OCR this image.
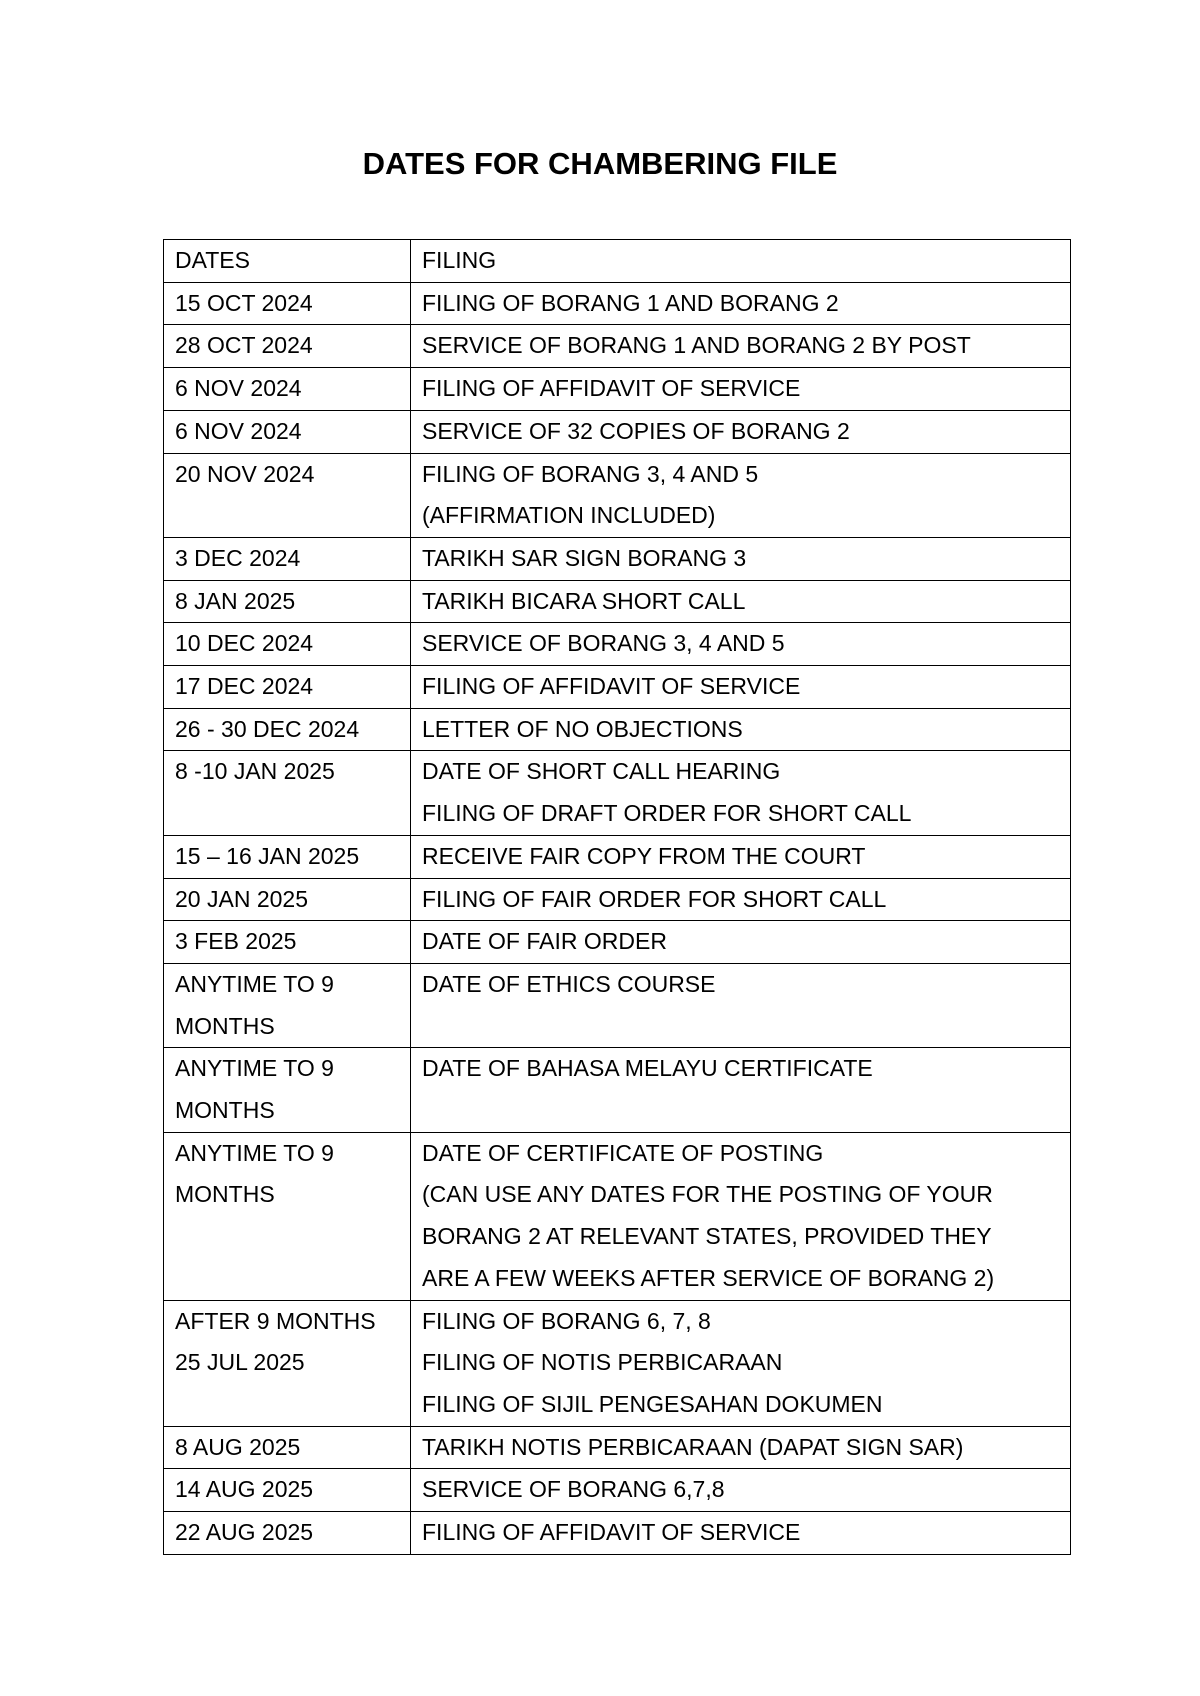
DATES FOR CHAMBERING FILE
DATES	FILING

15 OCT 2024	FILING OF BORANG 1 AND BORANG 2

28 OCT 2024	SERVICE OF BORANG 1 AND BORANG 2 BY POST

6 NOV 2024	FILING OF AFFIDAVIT OF SERVICE

6 NOV 2024	SERVICE OF 32 COPIES OF BORANG 2

20 NOV 2024	FILING OF BORANG 3, 4 AND 5
(AFFIRMATION INCLUDED)

3 DEC 2024	TARIKH SAR SIGN BORANG 3

8 JAN 2025	TARIKH BICARA SHORT CALL

10 DEC 2024	SERVICE OF BORANG 3, 4 AND 5

17 DEC 2024	FILING OF AFFIDAVIT OF SERVICE

26 - 30 DEC 2024	LETTER OF NO OBJECTIONS

8 -10 JAN 2025	DATE OF SHORT CALL HEARING
FILING OF DRAFT ORDER FOR SHORT CALL

15 – 16 JAN 2025	RECEIVE FAIR COPY FROM THE COURT

20 JAN 2025	FILING OF FAIR ORDER FOR SHORT CALL

3 FEB 2025	DATE OF FAIR ORDER

ANYTIME TO 9
MONTHS	DATE OF ETHICS COURSE

ANYTIME TO 9
MONTHS	DATE OF BAHASA MELAYU CERTIFICATE

ANYTIME TO 9
MONTHS	DATE OF CERTIFICATE OF POSTING
(CAN USE ANY DATES FOR THE POSTING OF YOUR
BORANG 2 AT RELEVANT STATES, PROVIDED THEY
ARE A FEW WEEKS AFTER SERVICE OF BORANG 2)

AFTER 9 MONTHS
25 JUL 2025	FILING OF BORANG 6, 7, 8
FILING OF NOTIS PERBICARAAN
FILING OF SIJIL PENGESAHAN DOKUMEN

8 AUG 2025	TARIKH NOTIS PERBICARAAN (DAPAT SIGN SAR)

14 AUG 2025	SERVICE OF BORANG 6,7,8

22 AUG 2025	FILING OF AFFIDAVIT OF SERVICE
